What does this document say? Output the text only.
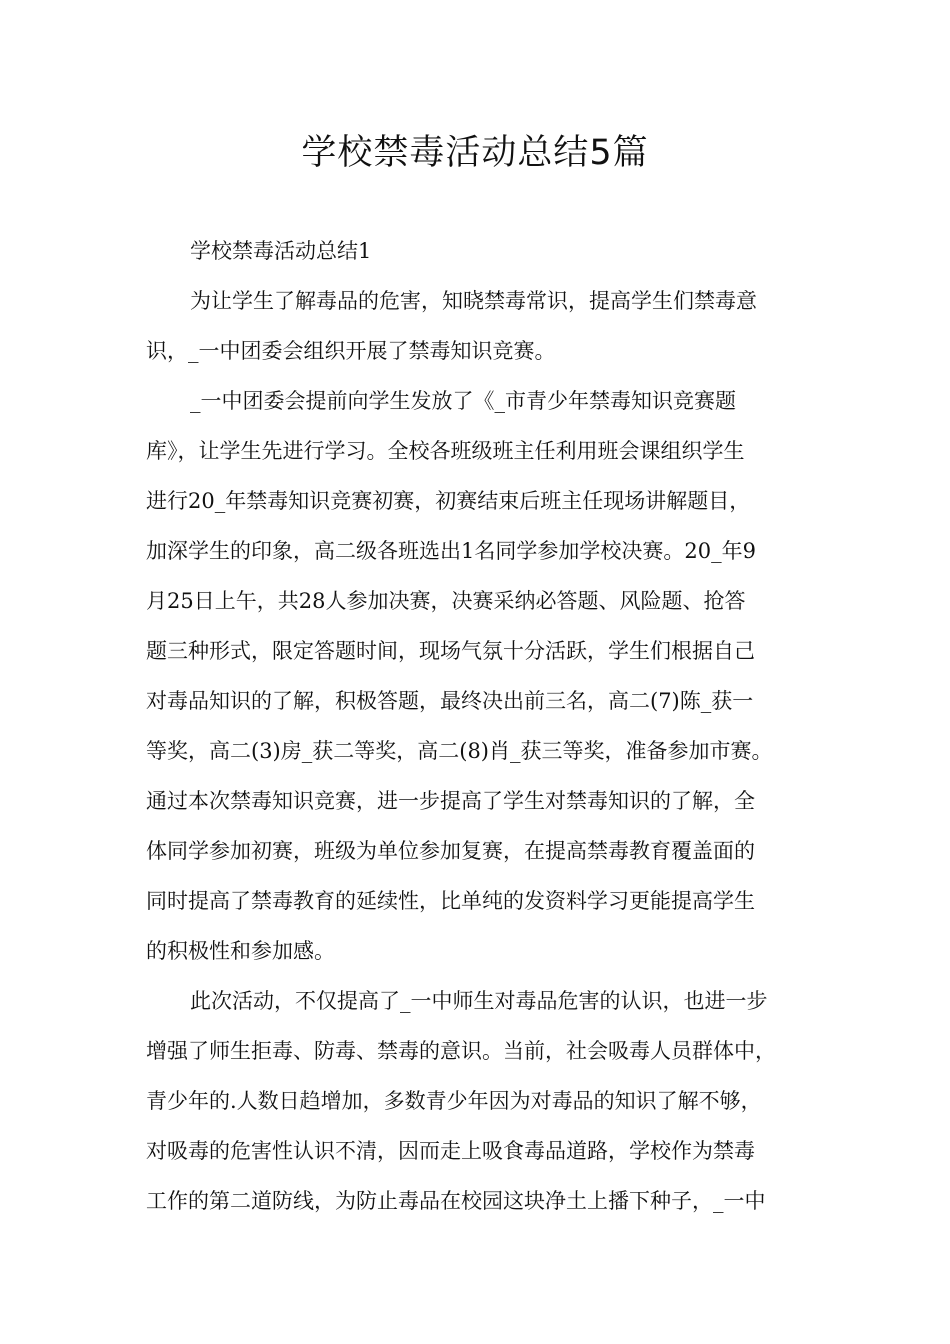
学校禁毒活动总结5篇

学校禁毒活动总结1

为让学生了解毒品的危害，知晓禁毒常识，提高学生们禁毒意

识，_一中团委会组织开展了禁毒知识竞赛。

_一中团委会提前向学生发放了《_市青少年禁毒知识竞赛题

库》，让学生先进行学习。全校各班级班主任利用班会课组织学生

进行20_年禁毒知识竞赛初赛，初赛结束后班主任现场讲解题目，

加深学生的印象，高二级各班选出1名同学参加学校决赛。20_年9

月25日上午，共28人参加决赛，决赛采纳必答题、风险题、抢答

题三种形式，限定答题时间，现场气氛十分活跃，学生们根据自己

对毒品知识的了解，积极答题，最终决出前三名，高二(7)陈_获一

等奖，高二(3)房_获二等奖，高二(8)肖_获三等奖，准备参加市赛。

通过本次禁毒知识竞赛，进一步提高了学生对禁毒知识的了解，全

体同学参加初赛，班级为单位参加复赛，在提高禁毒教育覆盖面的

同时提高了禁毒教育的延续性，比单纯的发资料学习更能提高学生

的积极性和参加感。

此次活动，不仅提高了_一中师生对毒品危害的认识，也进一步

增强了师生拒毒、防毒、禁毒的意识。当前，社会吸毒人员群体中，

青少年的.人数日趋增加，多数青少年因为对毒品的知识了解不够，

对吸毒的危害性认识不清，因而走上吸食毒品道路，学校作为禁毒

工作的第二道防线，为防止毒品在校园这块净土上播下种子，_一中
